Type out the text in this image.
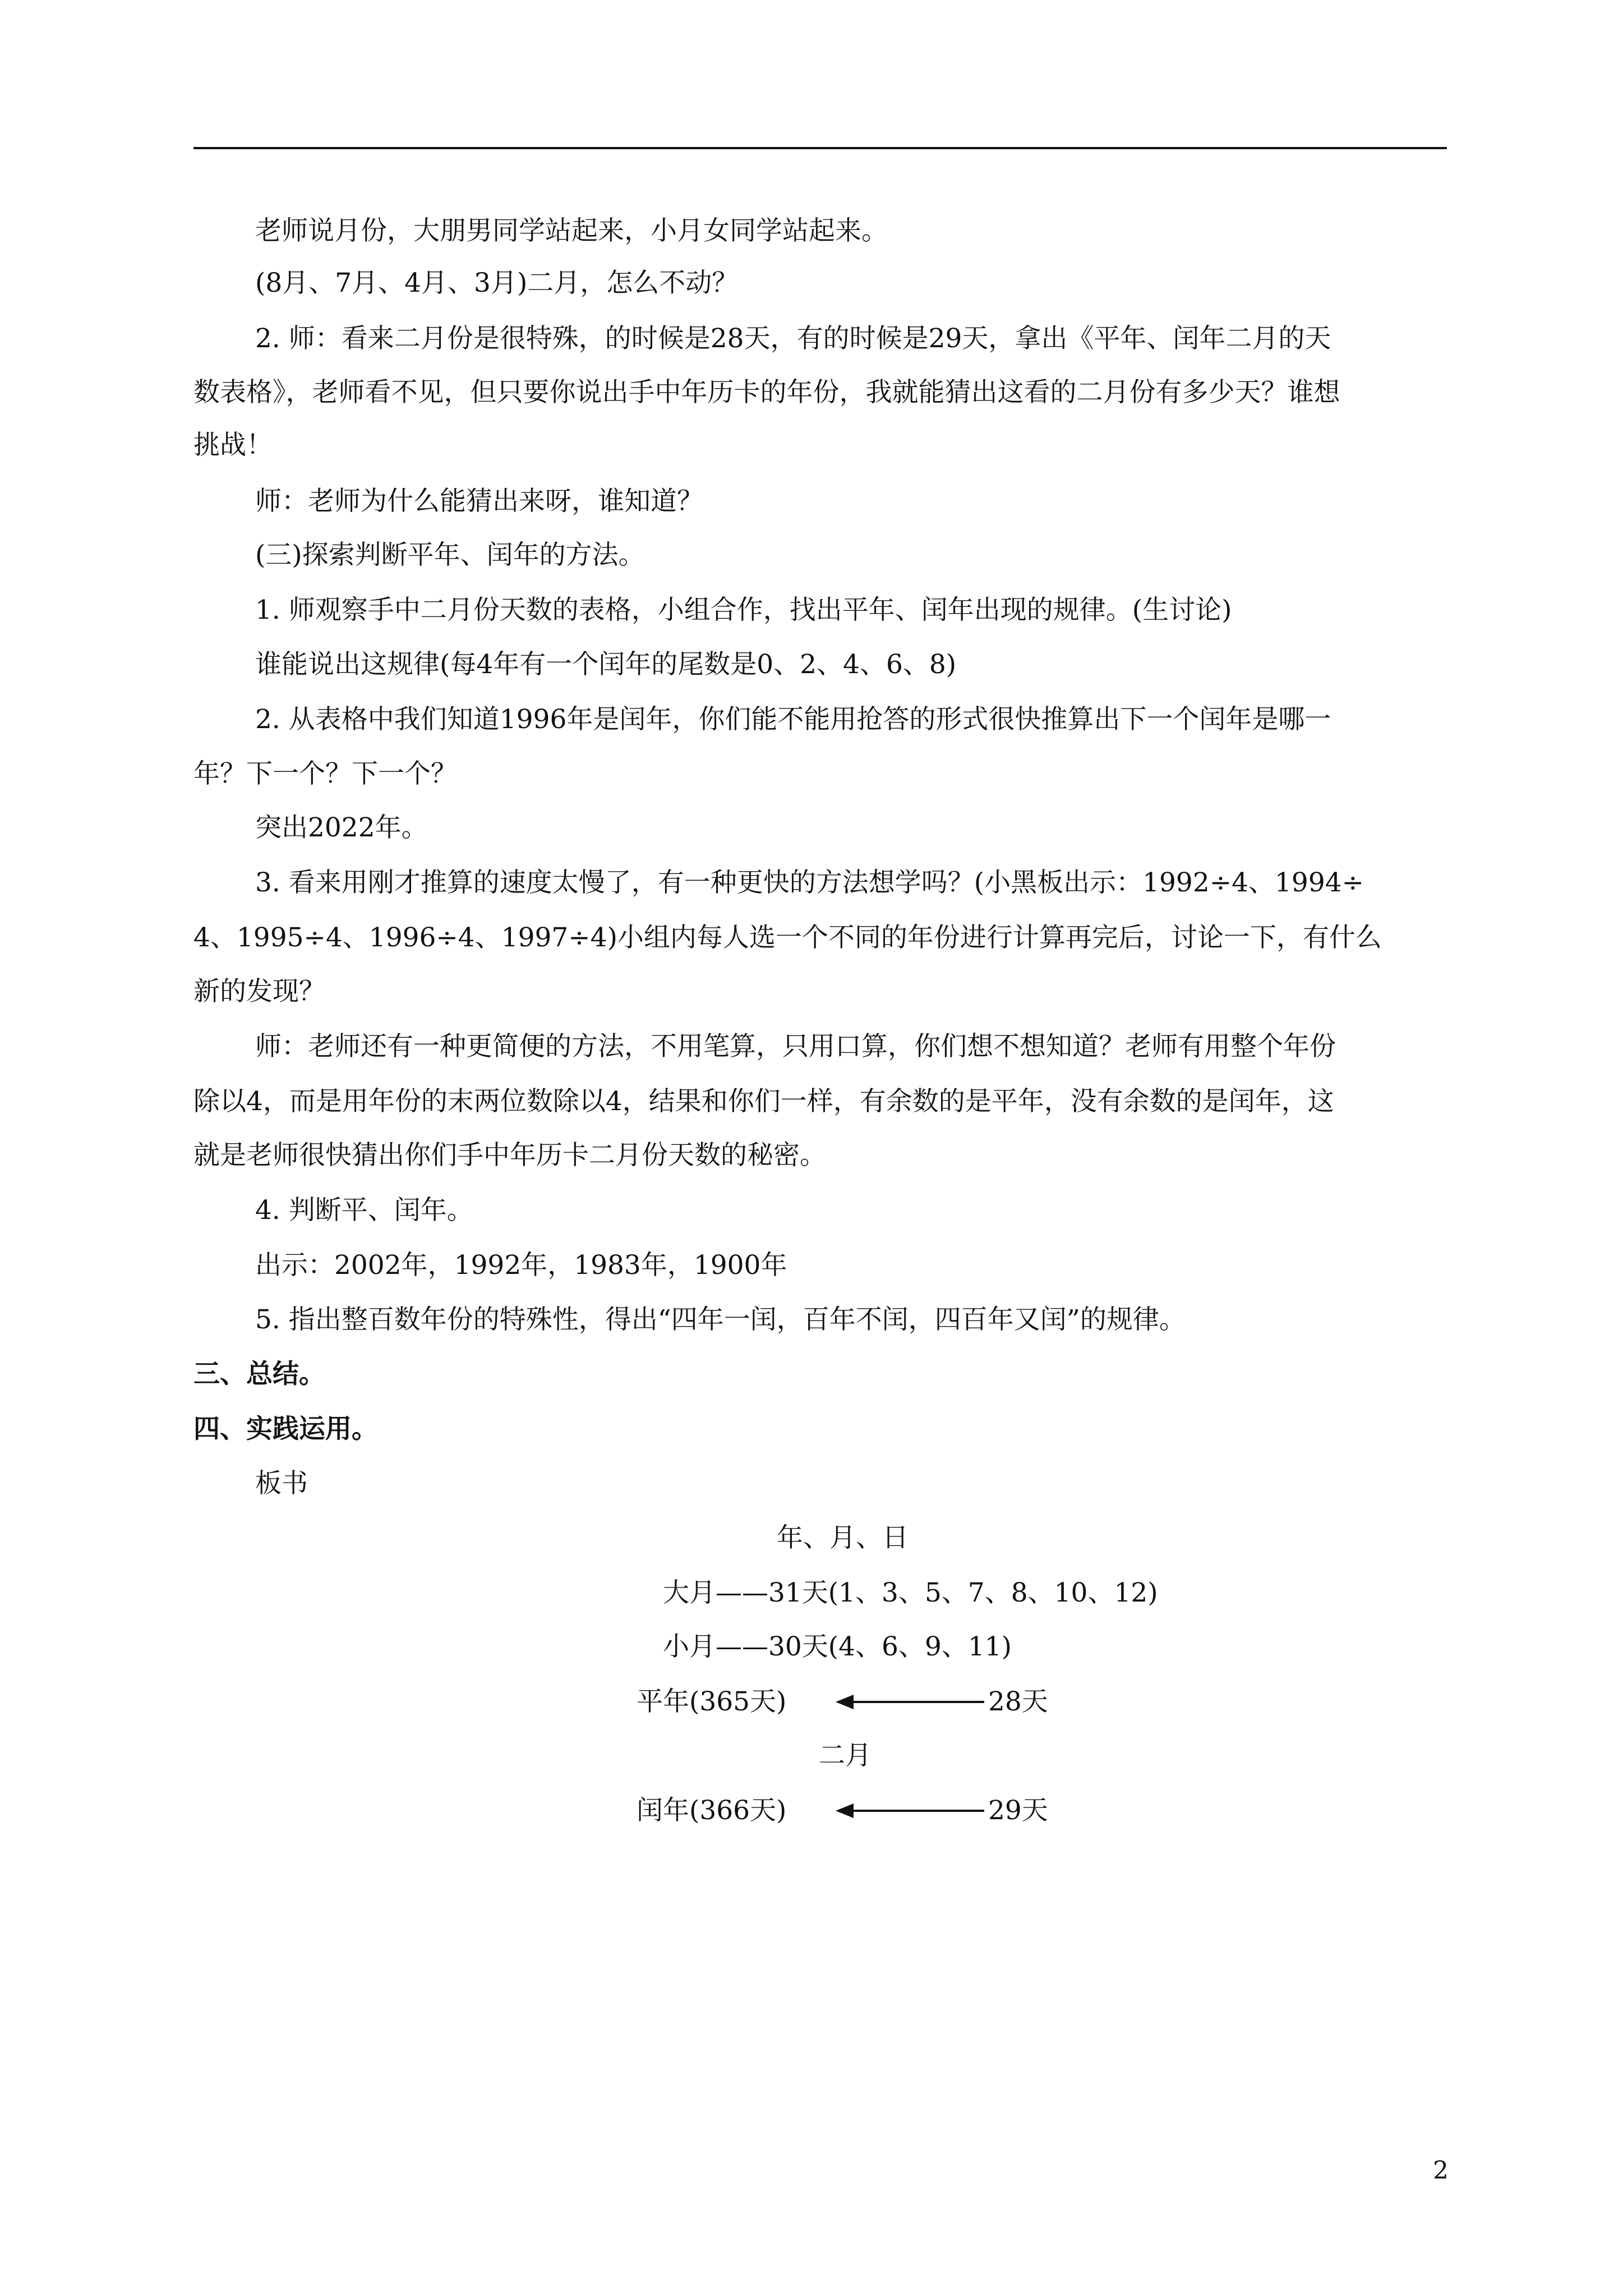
老师说月份，大朋男同学站起来，小月女同学站起来。
(8月、7月、4月、3月)二月，怎么不动？
2. 师：看来二月份是很特殊，的时候是28天，有的时候是29天，拿出《平年、闰年二月的天
数表格》，老师看不见，但只要你说出手中年历卡的年份，我就能猜出这看的二月份有多少天？谁想
挑战！
师：老师为什么能猜出来呀，谁知道？
(三)探索判断平年、闰年的方法。
1. 师观察手中二月份天数的表格，小组合作，找出平年、闰年出现的规律。(生讨论)
谁能说出这规律(每4年有一个闰年的尾数是0、2、4、6、8)
2. 从表格中我们知道1996年是闰年，你们能不能用抢答的形式很快推算出下一个闰年是哪一
年？下一个？下一个？
突出2022年。
3. 看来用刚才推算的速度太慢了，有一种更快的方法想学吗？(小黑板出示：1992÷4、1994÷
4、1995÷4、1996÷4、1997÷4)小组内每人选一个不同的年份进行计算再完后，讨论一下，有什么
新的发现？
师：老师还有一种更简便的方法，不用笔算，只用口算，你们想不想知道？老师有用整个年份
除以4，而是用年份的末两位数除以4，结果和你们一样，有余数的是平年，没有余数的是闰年，这
就是老师很快猜出你们手中年历卡二月份天数的秘密。
4. 判断平、闰年。
出示：2002年，1992年，1983年，1900年
5. 指出整百数年份的特殊性，得出“四年一闰，百年不闰，四百年又闰”的规律。
三、总结。
四、实践运用。
板书
年、月、日
大月——31天(1、3、5、7、8、10、12)
小月——30天(4、6、9、11)
平年(365天)	28天
二月
闰年(366天)	29天
2
